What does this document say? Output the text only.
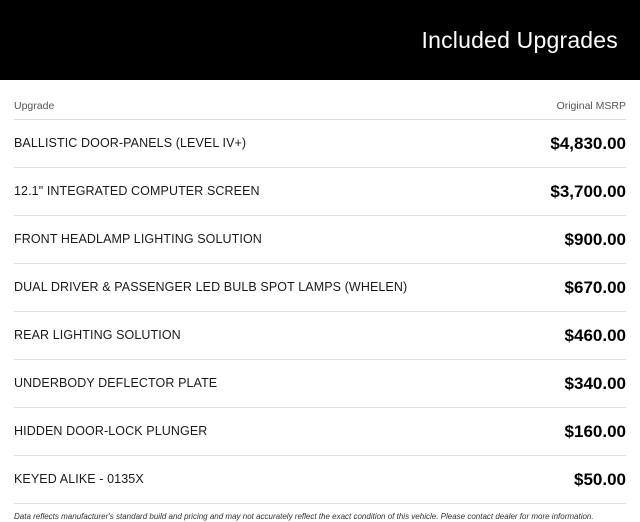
Included Upgrades
Upgrade	Original MSRP
BALLISTIC DOOR-PANELS (LEVEL IV+)	$4,830.00
12.1" INTEGRATED COMPUTER SCREEN	$3,700.00
FRONT HEADLAMP LIGHTING SOLUTION	$900.00
DUAL DRIVER & PASSENGER LED BULB SPOT LAMPS (WHELEN)	$670.00
REAR LIGHTING SOLUTION	$460.00
UNDERBODY DEFLECTOR PLATE	$340.00
HIDDEN DOOR-LOCK PLUNGER	$160.00
KEYED ALIKE - 0135X	$50.00
Data reflects manufacturer's standard build and pricing and may not accurately reflect the exact condition of this vehicle. Please contact dealer for more information.
